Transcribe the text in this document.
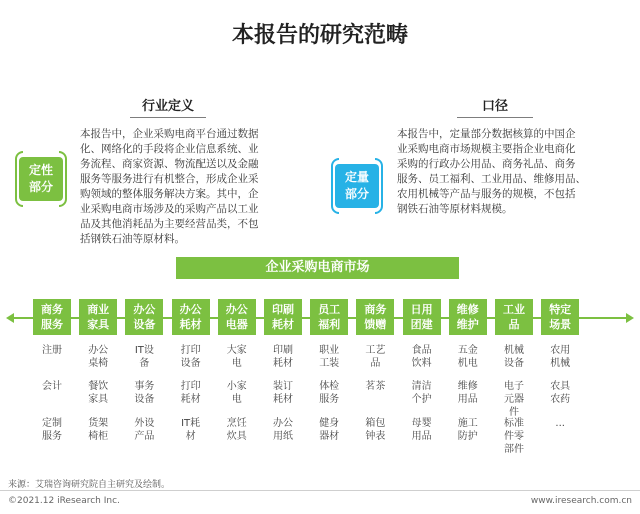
本报告的研究范畴
行业定义
定性
部分
本报告中，企业采购电商平台通过数据
化、网络化的手段将企业信息系统、业
务流程、商家资源、物流配送以及金融
服务等服务进行有机整合，形成企业采
购领域的整体服务解决方案。其中，企
业采购电商市场涉及的采购产品以工业
品及其他消耗品为主要经营品类，不包
括钢铁石油等原材料。
口径
定量
部分
本报告中，定量部分数据核算的中国企
业采购电商市场规模主要指企业电商化
采购的行政办公用品、商务礼品、商务
服务、员工福利、工业用品、维修用品、
农用机械等产品与服务的规模，不包括
钢铁石油等原材料规模。
企业采购电商市场
商务
服务
注册
会计
定制
服务
商业
家具
办公
桌椅
餐饮
家具
货架
椅柜
办公
设备
IT设
备
事务
设备
外设
产品
办公
耗材
打印
设备
打印
耗材
IT耗
材
办公
电器
大家
电
小家
电
烹饪
炊具
印刷
耗材
印刷
耗材
装订
耗材
办公
用纸
员工
福利
职业
工装
体检
服务
健身
器材
商务
馈赠
工艺
品
茗茶
箱包
钟表
日用
团建
食品
饮料
清洁
个护
母婴
用品
维修
维护
五金
机电
维修
用品
施工
防护
工业
品
机械
设备
电子
元器
件
标准
件零
部件
特定
场景
农用
机械
农具
农药
...
来源：艾瑞咨询研究院自主研究及绘制。
©2021.12 iResearch Inc.	www.iresearch.com.cn
